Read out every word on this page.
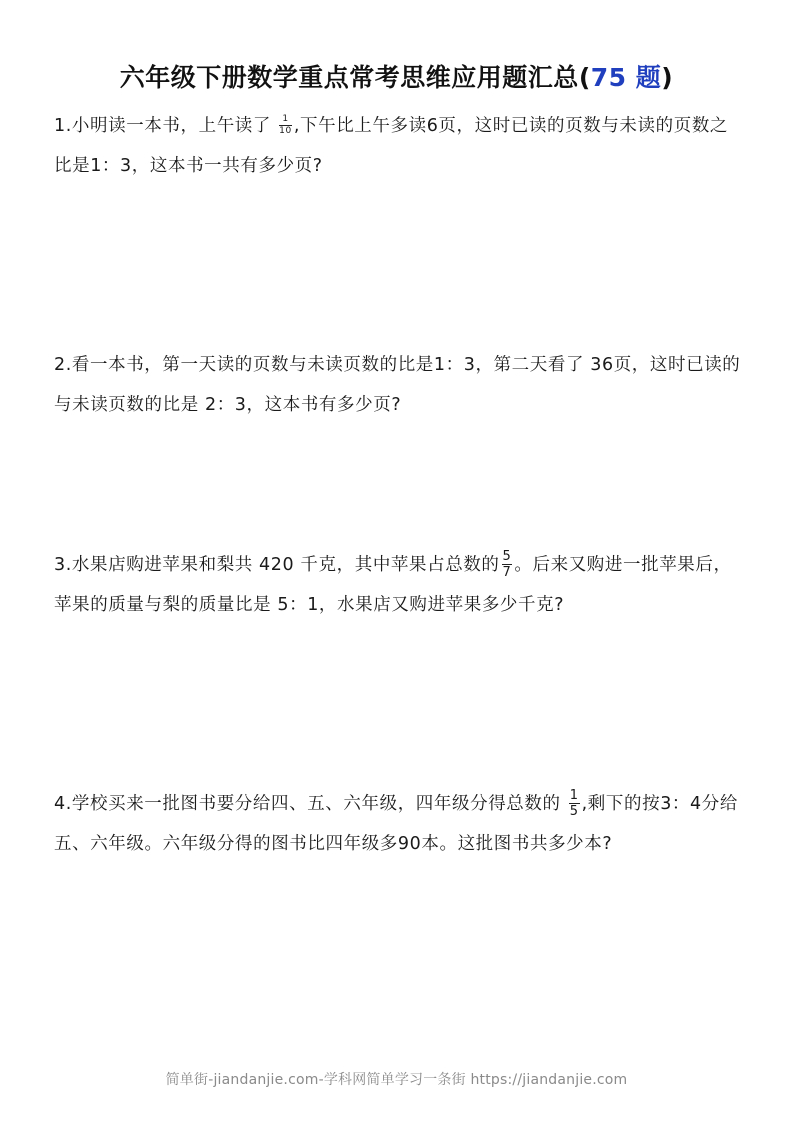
六年级下册数学重点常考思维应用题汇总(75 题)
1.小明读一本书，上午读了 $\frac{1}{10}$ ,下午比上午多读6页，这时已读的页数与未读的页数之比是1：3，这本书一共有多少页?
2.看一本书，第一天读的页数与未读页数的比是1：3，第二天看了 36页，这时已读的与未读页数的比是 2：3，这本书有多少页?
3.水果店购进苹果和梨共 420 千克，其中苹果占总数的 $\frac{5}{7}$ 。后来又购进一批苹果后，苹果的质量与梨的质量比是 5：1，水果店又购进苹果多少千克?
4.学校买来一批图书要分给四、五、六年级，四年级分得总数的 $\frac{1}{5}$ ,剩下的按3：4分给五、六年级。六年级分得的图书比四年级多90本。这批图书共多少本?
简单街-jiandanjie.com-学科网简单学习一条街 https://jiandanjie.com
